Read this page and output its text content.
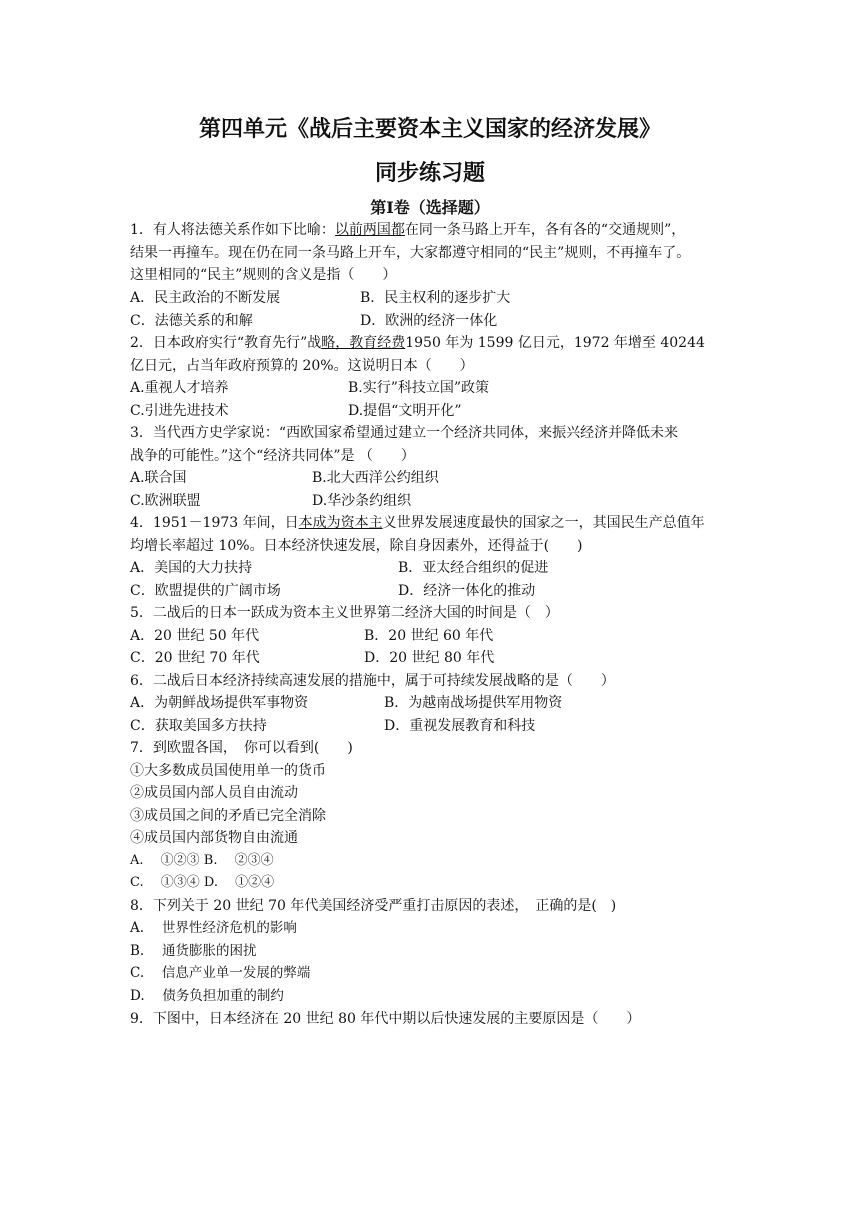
第四单元《战后主要资本主义国家的经济发展》
同步练习题
第Ⅰ卷（选择题）
1．有人将法德关系作如下比喻：以前两国都在同一条马路上开车，各有各的“交通规则”，
结果一再撞车。现在仍在同一条马路上开车，大家都遵守相同的“民主”规则，不再撞车了。
这里相同的“民主”规则的含义是指（　　）
A．民主政治的不断发展	B．民主权利的逐步扩大
C．法德关系的和解	D．欧洲的经济一体化
2．日本政府实行“教育先行”战略，教育经费1950 年为 1599 亿日元，1972 年增至 40244
亿日元，占当年政府预算的 20%。这说明日本（　　）
A.重视人才培养	B.实行”科技立国”政策
C.引进先进技术	D.提倡“文明开化”
3．当代西方史学家说：“西欧国家希望通过建立一个经济共同体，来振兴经济并降低未来
战争的可能性。”这个“经济共同体”是 （　　）
A.联合国	B.北大西洋公约组织
C.欧洲联盟	D.华沙条约组织
4．1951－1973 年间，日本成为资本主义世界发展速度最快的国家之一，其国民生产总值年
均增长率超过 10%。日本经济快速发展，除自身因素外，还得益于(　　)
A．美国的大力扶持	B．亚太经合组织的促进
C．欧盟提供的广阔市场	D．经济一体化的推动
5．二战后的日本一跃成为资本主义世界第二经济大国的时间是（　）
A．20 世纪 50 年代	B．20 世纪 60 年代
C．20 世纪 70 年代	D．20 世纪 80 年代
6．二战后日本经济持续高速发展的措施中，属于可持续发展战略的是（　　）
A．为朝鲜战场提供军事物资	B．为越南战场提供军用物资
C．获取美国多方扶持	D．重视发展教育和科技
7．到欧盟各国，　你可以看到(　　)
①大多数成员国使用单一的货币
②成员国内部人员自由流动
③成员国之间的矛盾已完全消除
④成员国内部货物自由流通
A.　 ①②③ B.　 ②③④
C.　 ①③④ D.　 ①②④
8．下列关于 20 世纪 70 年代美国经济受严重打击原因的表述，　正确的是(　)
A.　 世界性经济危机的影响
B.　 通货膨胀的困扰
C.　 信息产业单一发展的弊端
D.　 债务负担加重的制约
9．下图中，日本经济在 20 世纪 80 年代中期以后快速发展的主要原因是（　　）
